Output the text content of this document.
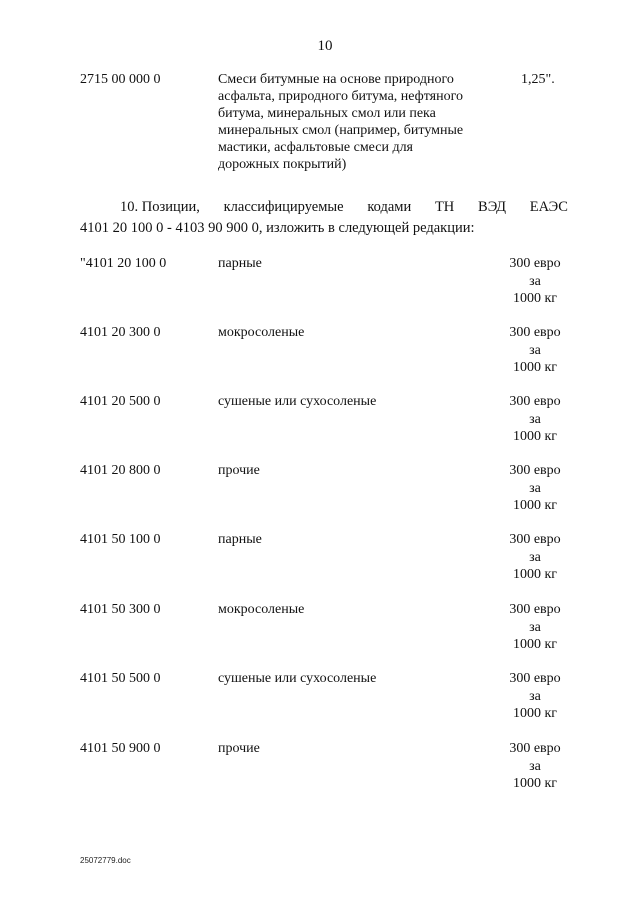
10
2715 00 000 0	Смеси битумные на основе природного
асфальта, природного битума, нефтяного
битума, минеральных смол или пека
минеральных смол (например, битумные
мастики, асфальтовые смеси для
дорожных покрытий)
1,25".
10. Позиции, классифицируемые кодами ТН ВЭД ЕАЭС
4101 20 100 0 - 4103 90 900 0, изложить в следующей редакции:
"4101 20 100 0	парные	300 евро
за
1000 кг
4101 20 300 0	мокросоленые	300 евро
за
1000 кг
4101 20 500 0	сушеные или сухосоленые	300 евро
за
1000 кг
4101 20 800 0	прочие	300 евро
за
1000 кг
4101 50 100 0	парные	300 евро
за
1000 кг
4101 50 300 0	мокросоленые	300 евро
за
1000 кг
4101 50 500 0	сушеные или сухосоленые	300 евро
за
1000 кг
4101 50 900 0	прочие	300 евро
за
1000 кг
25072779.doc
